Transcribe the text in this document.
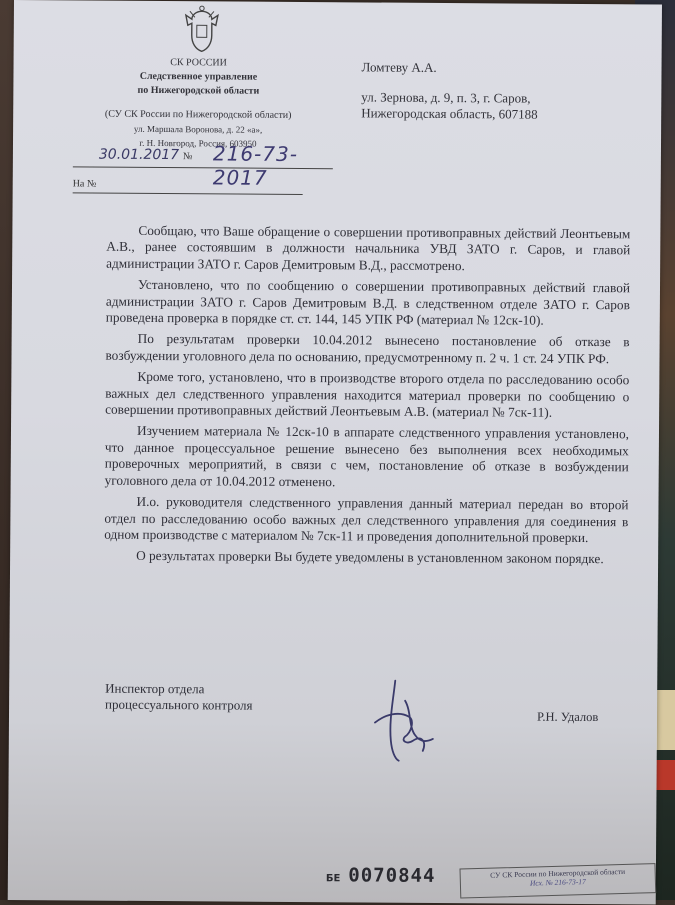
СК РОССИИ
Следственное управление
по Нижегородской области
(СУ СК России по Нижегородской области)
ул. Маршала Воронова, д. 22 «а»,
г. Н. Новгород, Россия, 603950
30.01.2017 № 216-73-2017
На №
Ломтеву А.А.
ул. Зернова, д. 9, п. 3, г. Саров,
Нижегородская область, 607188

Сообщаю, что Ваше обращение о совершении противоправных действий Леонтьевым А.В., ранее состоявшим в должности начальника УВД ЗАТО г. Саров, и главой администрации ЗАТО г. Саров Демитровым В.Д., рассмотрено.

Установлено, что по сообщению о совершении противоправных действий главой администрации ЗАТО г. Саров Демитровым В.Д. в следственном отделе ЗАТО г. Саров проведена проверка в порядке ст. ст. 144, 145 УПК РФ (материал № 12ск-10).

По результатам проверки 10.04.2012 вынесено постановление об отказе в возбуждении уголовного дела по основанию, предусмотренному п. 2 ч. 1 ст. 24 УПК РФ.

Кроме того, установлено, что в производстве второго отдела по расследованию особо важных дел следственного управления находится материал проверки по сообщению о совершении противоправных действий Леонтьевым А.В. (материал № 7ск-11).

Изучением материала № 12ск-10 в аппарате следственного управления установлено, что данное процессуальное решение вынесено без выполнения всех необходимых проверочных мероприятий, в связи с чем, постановление об отказе в возбуждении уголовного дела от 10.04.2012 отменено.

И.о. руководителя следственного управления данный материал передан во второй отдел по расследованию особо важных дел следственного управления для соединения в одном производстве с материалом № 7ск-11 и проведения дополнительной проверки.

О результатах проверки Вы будете уведомлены в установленном законом порядке.

Инспектор отдела
процессуального контроля
Р.Н. Удалов
БЕ 0070844	СУ СК России по Нижегородской области
Исх. № 216-73-17
